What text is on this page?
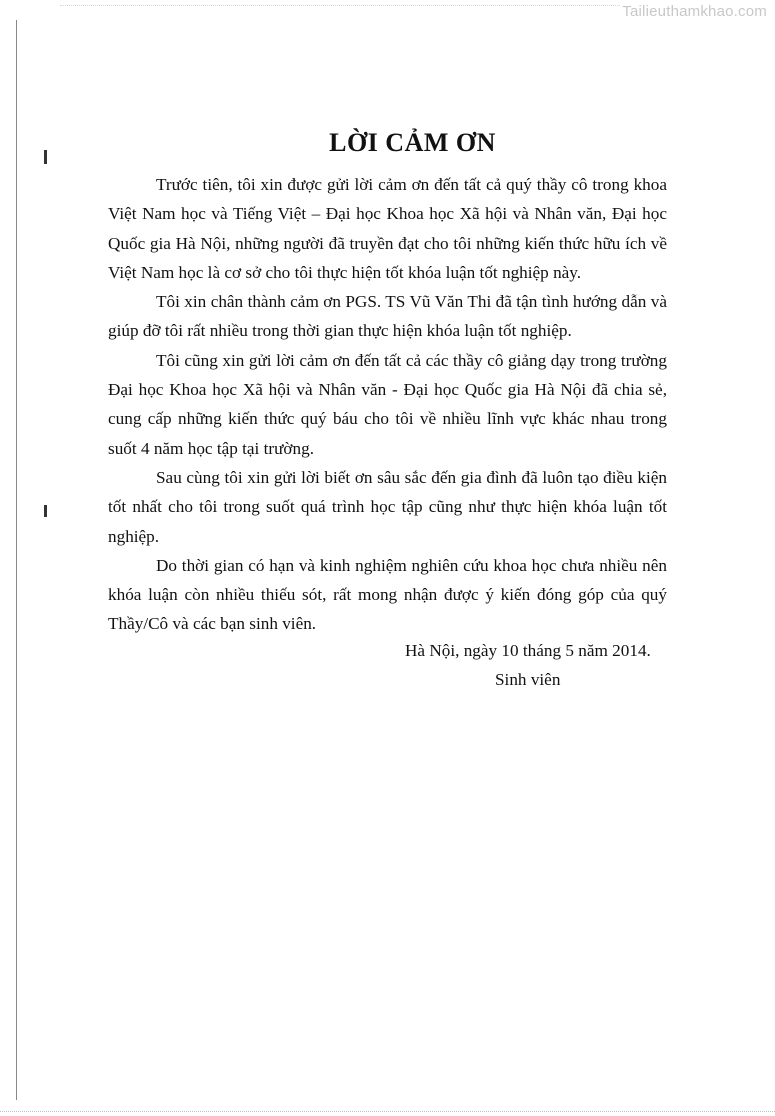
Tailieuthamkhao.com
LỜI CẢM ƠN

Trước tiên, tôi xin được gửi lời cảm ơn đến tất cả quý thầy cô trong khoa Việt Nam học và Tiếng Việt – Đại học Khoa học Xã hội và Nhân văn, Đại học Quốc gia Hà Nội, những người đã truyền đạt cho tôi những kiến thức hữu ích về Việt Nam học là cơ sở cho tôi thực hiện tốt khóa luận tốt nghiệp này.

Tôi xin chân thành cảm ơn PGS. TS Vũ Văn Thi đã tận tình hướng dẫn và giúp đỡ tôi rất nhiều trong thời gian thực hiện khóa luận tốt nghiệp.

Tôi cũng xin gửi lời cảm ơn đến tất cả các thầy cô giảng dạy trong trường Đại học Khoa học Xã hội và Nhân văn - Đại học Quốc gia Hà Nội đã chia sẻ, cung cấp những kiến thức quý báu cho tôi về nhiều lĩnh vực khác nhau trong suốt 4 năm học tập tại trường.

Sau cùng tôi xin gửi lời biết ơn sâu sắc đến gia đình đã luôn tạo điều kiện tốt nhất cho tôi trong suốt quá trình học tập cũng như thực hiện khóa luận tốt nghiệp.

Do thời gian có hạn và kinh nghiệm nghiên cứu khoa học chưa nhiều nên khóa luận còn nhiều thiếu sót, rất mong nhận được ý kiến đóng góp của quý Thầy/Cô và các bạn sinh viên.

Hà Nội, ngày 10 tháng 5 năm 2014.
Sinh viên
